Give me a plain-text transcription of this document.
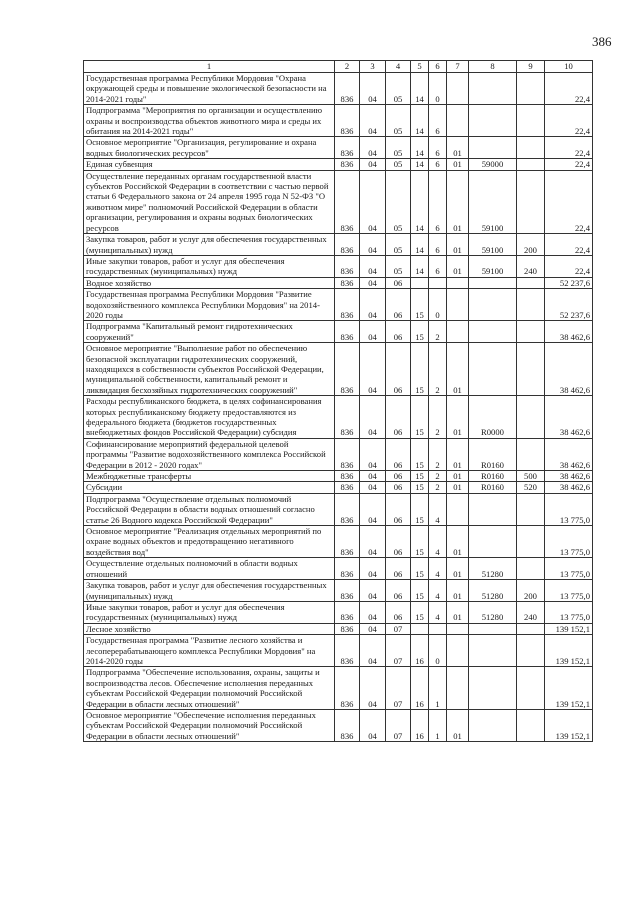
386
1	2	3	4	5	6	7	8	9	10
Государственная программа Республики Мордовия "Охрана окружающей среды и повышение экологической безопасности на 2014-2021 годы"	836	04	05	14	0				22,4
Подпрограмма "Мероприятия по организации и осуществлению охраны и воспроизводства объектов животного мира и среды их обитания на 2014-2021 годы"	836	04	05	14	6				22,4
Основное мероприятие "Организация, регулирование и охрана водных биологических ресурсов"	836	04	05	14	6	01			22,4
Единая субвенция	836	04	05	14	6	01	59000		22,4
Осуществление переданных органам государственной власти субъектов Российской Федерации в соответствии с частью первой статьи 6 Федерального закона от 24 апреля 1995 года N 52-ФЗ "О животном мире" полномочий Российской Федерации в области организации, регулирования и охраны водных биологических ресурсов	836	04	05	14	6	01	59100		22,4
Закупка товаров, работ и услуг для обеспечения государственных (муниципальных) нужд	836	04	05	14	6	01	59100	200	22,4
Иные закупки товаров, работ и услуг для обеспечения государственных (муниципальных) нужд	836	04	05	14	6	01	59100	240	22,4
Водное хозяйство	836	04	06						52 237,6
Государственная программа Республики Мордовия "Развитие водохозяйственного комплекса Республики Мордовия" на 2014-2020 годы	836	04	06	15	0				52 237,6
Подпрограмма "Капитальный ремонт гидротехнических сооружений"	836	04	06	15	2				38 462,6
Основное мероприятие "Выполнение работ по обеспечению безопасной эксплуатации гидротехнических сооружений, находящихся в собственности субъектов Российской Федерации, муниципальной собственности, капитальный ремонт и ликвидация бесхозяйных гидротехнических сооружений"	836	04	06	15	2	01			38 462,6
Расходы республиканского бюджета, в целях софинансирования которых республиканскому бюджету предоставляются из федерального бюджета (бюджетов государственных внебюджетных фондов Российской Федерации) субсидия	836	04	06	15	2	01	R0000		38 462,6
Софинансирование мероприятий федеральной целевой программы "Развитие водохозяйственного комплекса Российской Федерации в 2012 - 2020 годах"	836	04	06	15	2	01	R0160		38 462,6
Межбюджетные трансферты	836	04	06	15	2	01	R0160	500	38 462,6
Субсидии	836	04	06	15	2	01	R0160	520	38 462,6
Подпрограмма "Осуществление отдельных полномочий Российской Федерации в области водных отношений согласно статье 26 Водного кодекса Российской Федерации"	836	04	06	15	4				13 775,0
Основное мероприятие "Реализация отдельных мероприятий по охране водных объектов и предотвращению негативного воздействия вод"	836	04	06	15	4	01			13 775,0
Осуществление отдельных полномочий в области водных отношений	836	04	06	15	4	01	51280		13 775,0
Закупка товаров, работ и услуг для обеспечения государственных (муниципальных) нужд	836	04	06	15	4	01	51280	200	13 775,0
Иные закупки товаров, работ и услуг для обеспечения государственных (муниципальных) нужд	836	04	06	15	4	01	51280	240	13 775,0
Лесное хозяйство	836	04	07						139 152,1
Государственная программа "Развитие лесного хозяйства и лесоперерабатывающего комплекса Республики Мордовия" на 2014-2020 годы	836	04	07	16	0				139 152,1
Подпрограмма "Обеспечение использования, охраны, защиты и воспроизводства лесов. Обеспечение исполнения переданных субъектам Российской Федерации полномочий Российской Федерации в области лесных отношений"	836	04	07	16	1				139 152,1
Основное мероприятие "Обеспечение исполнения переданных субъектам Российской Федерации полномочий Российской Федерации в области лесных отношений"	836	04	07	16	1	01			139 152,1
